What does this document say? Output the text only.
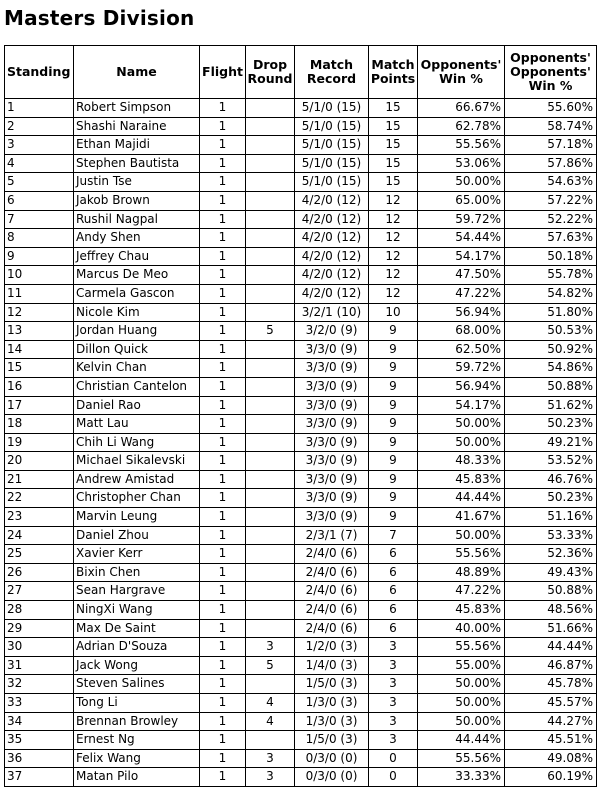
Masters Division
Standing	Name	Flight	Drop Round	Match Record	Match Points	Opponents' Win %	Opponents' Opponents' Win %
1	Robert Simpson	1		5/1/0 (15)	15	66.67%	55.60%
2	Shashi Naraine	1		5/1/0 (15)	15	62.78%	58.74%
3	Ethan Majidi	1		5/1/0 (15)	15	55.56%	57.18%
4	Stephen Bautista	1		5/1/0 (15)	15	53.06%	57.86%
5	Justin Tse	1		5/1/0 (15)	15	50.00%	54.63%
6	Jakob Brown	1		4/2/0 (12)	12	65.00%	57.22%
7	Rushil Nagpal	1		4/2/0 (12)	12	59.72%	52.22%
8	Andy Shen	1		4/2/0 (12)	12	54.44%	57.63%
9	Jeffrey Chau	1		4/2/0 (12)	12	54.17%	50.18%
10	Marcus De Meo	1		4/2/0 (12)	12	47.50%	55.78%
11	Carmela Gascon	1		4/2/0 (12)	12	47.22%	54.82%
12	Nicole Kim	1		3/2/1 (10)	10	56.94%	51.80%
13	Jordan Huang	1	5	3/2/0 (9)	9	68.00%	50.53%
14	Dillon Quick	1		3/3/0 (9)	9	62.50%	50.92%
15	Kelvin Chan	1		3/3/0 (9)	9	59.72%	54.86%
16	Christian Cantelon	1		3/3/0 (9)	9	56.94%	50.88%
17	Daniel Rao	1		3/3/0 (9)	9	54.17%	51.62%
18	Matt Lau	1		3/3/0 (9)	9	50.00%	50.23%
19	Chih Li Wang	1		3/3/0 (9)	9	50.00%	49.21%
20	Michael Sikalevski	1		3/3/0 (9)	9	48.33%	53.52%
21	Andrew Amistad	1		3/3/0 (9)	9	45.83%	46.76%
22	Christopher Chan	1		3/3/0 (9)	9	44.44%	50.23%
23	Marvin Leung	1		3/3/0 (9)	9	41.67%	51.16%
24	Daniel Zhou	1		2/3/1 (7)	7	50.00%	53.33%
25	Xavier Kerr	1		2/4/0 (6)	6	55.56%	52.36%
26	Bixin Chen	1		2/4/0 (6)	6	48.89%	49.43%
27	Sean Hargrave	1		2/4/0 (6)	6	47.22%	50.88%
28	NingXi Wang	1		2/4/0 (6)	6	45.83%	48.56%
29	Max De Saint	1		2/4/0 (6)	6	40.00%	51.66%
30	Adrian D'Souza	1	3	1/2/0 (3)	3	55.56%	44.44%
31	Jack Wong	1	5	1/4/0 (3)	3	55.00%	46.87%
32	Steven Salines	1		1/5/0 (3)	3	50.00%	45.78%
33	Tong Li	1	4	1/3/0 (3)	3	50.00%	45.57%
34	Brennan Browley	1	4	1/3/0 (3)	3	50.00%	44.27%
35	Ernest Ng	1		1/5/0 (3)	3	44.44%	45.51%
36	Felix Wang	1	3	0/3/0 (0)	0	55.56%	49.08%
37	Matan Pilo	1	3	0/3/0 (0)	0	33.33%	60.19%
